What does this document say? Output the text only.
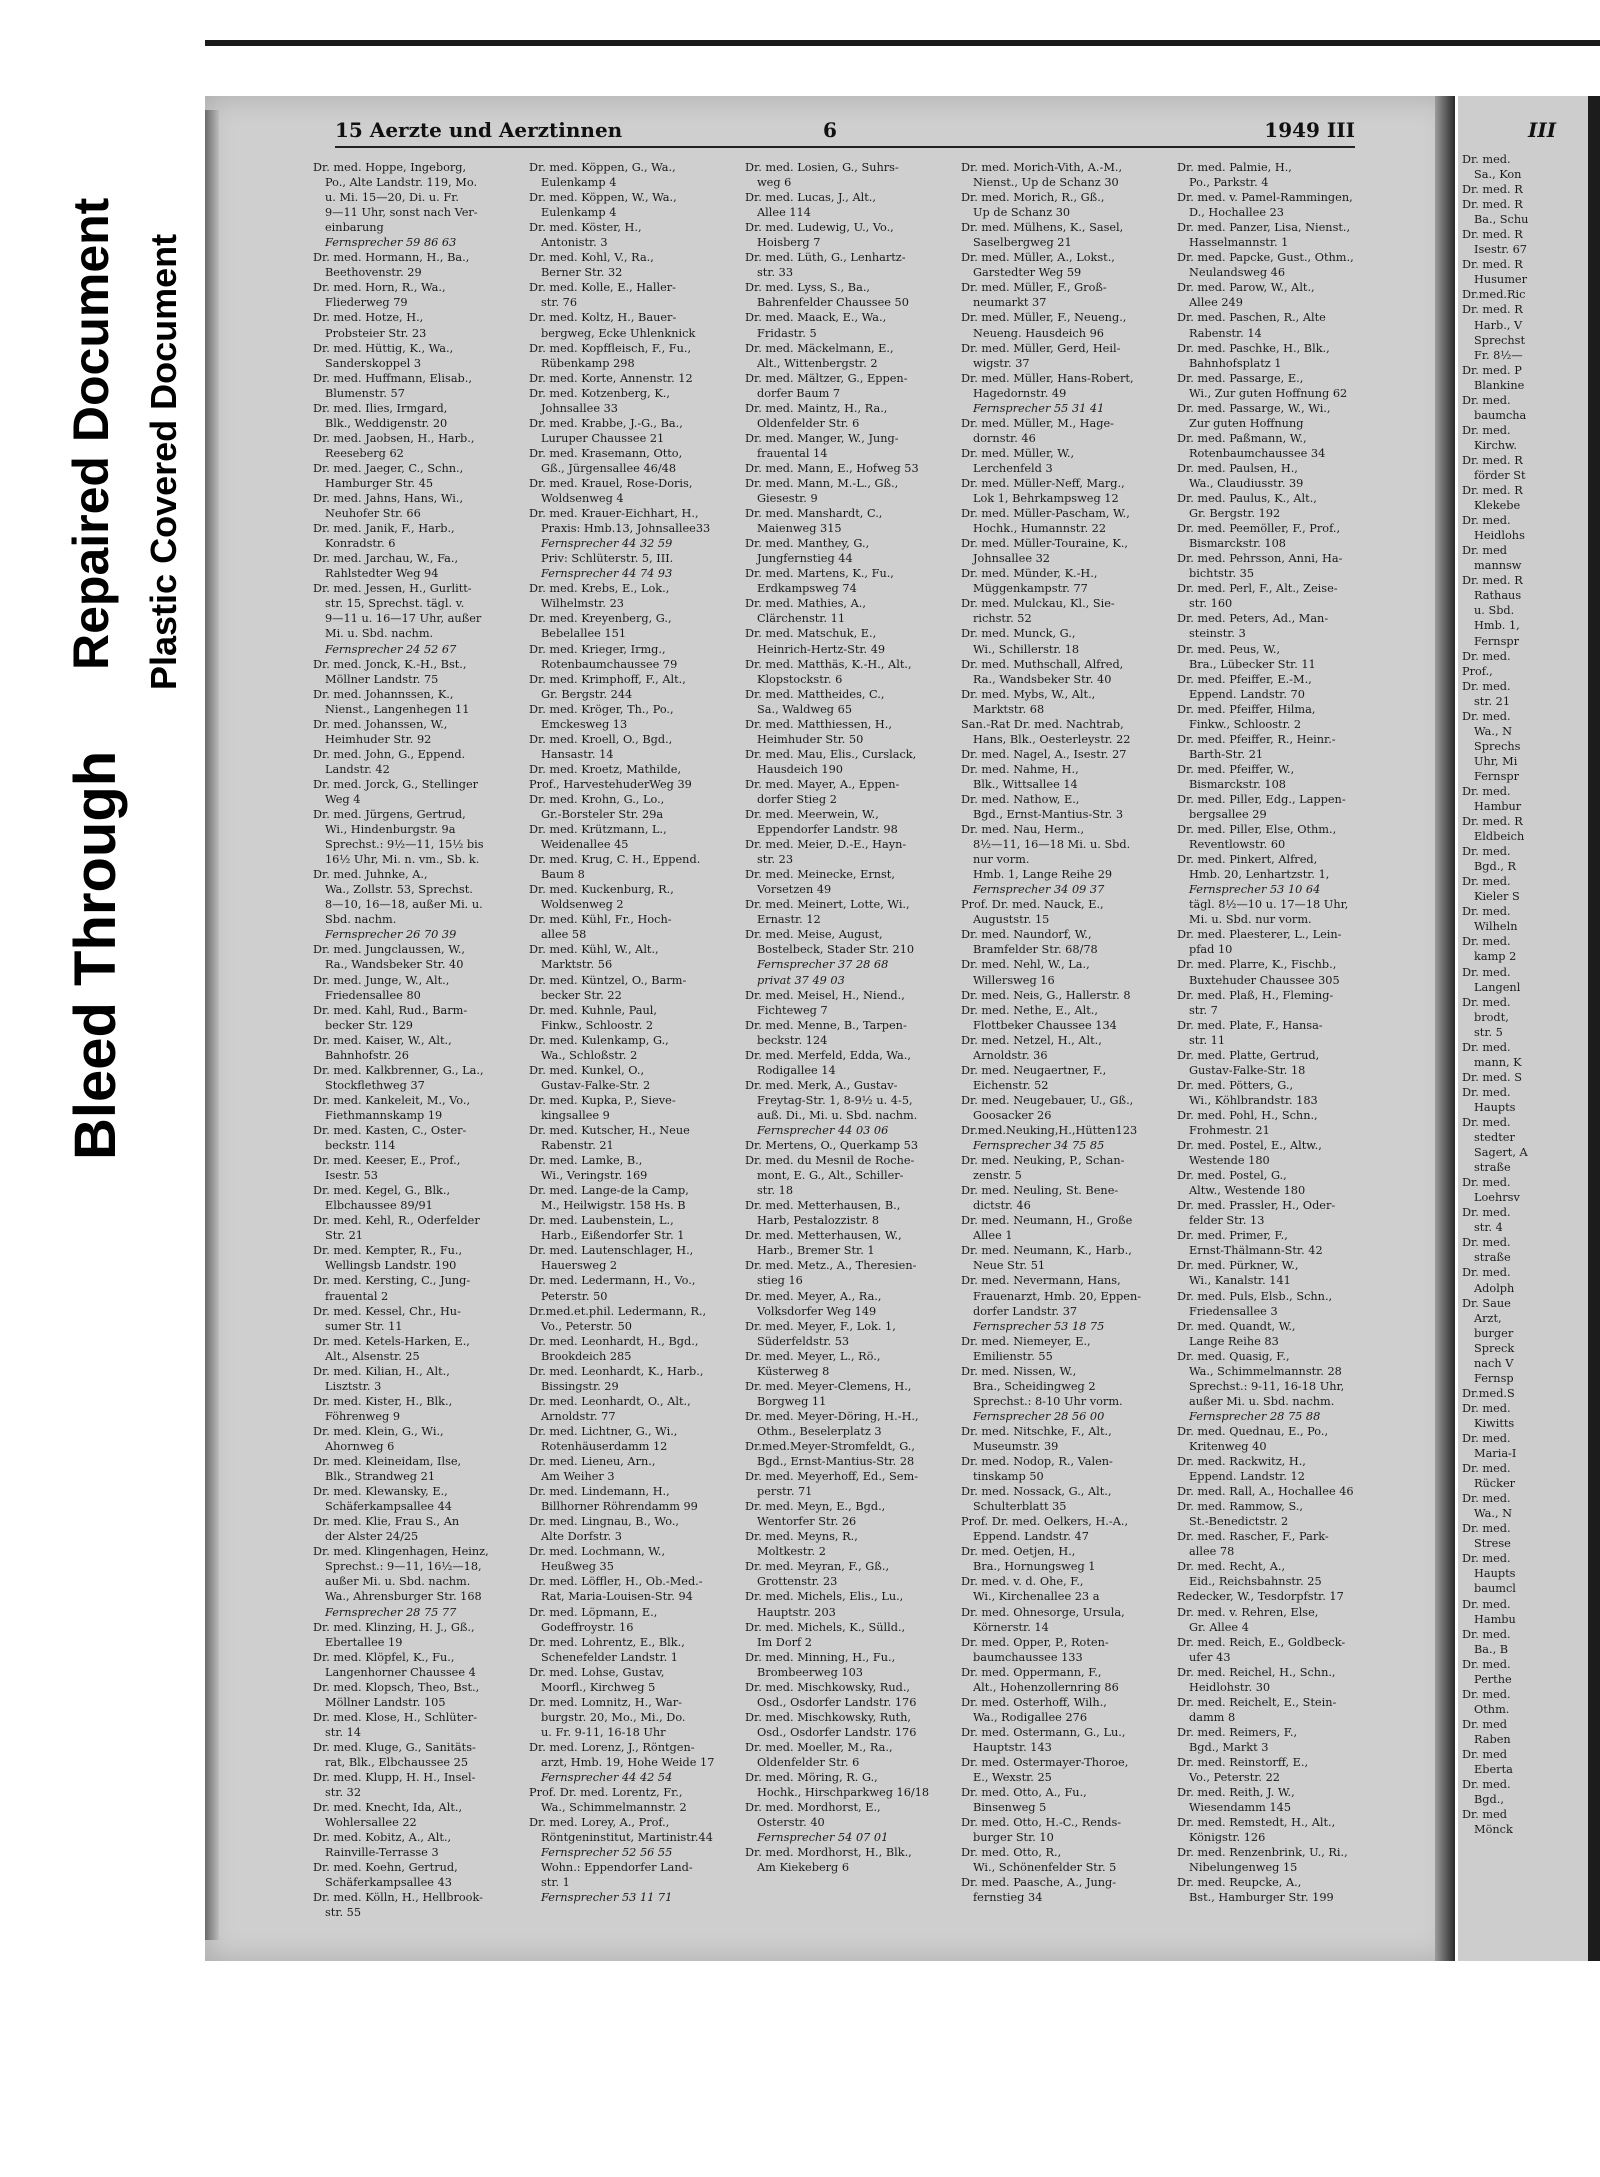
Bleed Through
Repaired Document Plastic Covered Document
III
Dr. med.
Sa., Kon
Dr. med. R
Dr. med. R
Ba., Schu
Dr. med. R
Isestr. 67
Dr. med. R
Husumer
Dr.med.Ric
Dr. med. R
Harb., V
Sprechst
Fr. 8½—
Dr. med. P
Blankine
Dr. med.
baumcha
Dr. med.
Kirchw.
Dr. med. R
förder St
Dr. med. R
Klekebe
Dr. med.
Heidlohs
Dr. med
mannsw
Dr. med. R
Rathaus
u. Sbd.
Hmb. 1,
Fernspr
Dr. med.
Prof.,
Dr. med.
str. 21
Dr. med.
Wa., N
Sprechs
Uhr, Mi
Fernspr
Dr. med.
Hambur
Dr. med. R
Eldbeich
Dr. med.
Bgd., R
Dr. med.
Kieler S
Dr. med.
Wilheln
Dr. med.
kamp 2
Dr. med.
Langenl
Dr. med.
brodt,
str. 5
Dr. med.
mann, K
Dr. med. S
Dr. med.
Haupts
Dr. med.
stedter
Sagert, A
straße
Dr. med.
Loehrsv
Dr. med.
str. 4
Dr. med.
straße
Dr. med.
Adolph
Dr. Saue
Arzt,
burger
Spreck
nach V
Fernsp
Dr.med.S
Dr. med.
Kiwitts
Dr. med.
Maria-I
Dr. med.
Rücker
Dr. med.
Wa., N
Dr. med.
Strese
Dr. med.
Haupts
baumcl
Dr. med.
Hambu
Dr. med.
Ba., B
Dr. med.
Perthe
Dr. med.
Othm.
Dr. med
Raben
Dr. med
Eberta
Dr. med.
Bgd.,
Dr. med
Mönck
15 Aerzte und Aerztinnen	6	1949 III
Dr. med. Hoppe, Ingeborg,
Po., Alte Landstr. 119, Mo.
u. Mi. 15—20, Di. u. Fr.
9—11 Uhr, sonst nach Ver-
einbarung
Fernsprecher 59 86 63
Dr. med. Hormann, H., Ba.,
Beethovenstr. 29
Dr. med. Horn, R., Wa.,
Fliederweg 79
Dr. med. Hotze, H.,
Probsteier Str. 23
Dr. med. Hüttig, K., Wa.,
Sanderskoppel 3
Dr. med. Huffmann, Elisab.,
Blumenstr. 57
Dr. med. Ilies, Irmgard,
Blk., Weddigenstr. 20
Dr. med. Jaobsen, H., Harb.,
Reeseberg 62
Dr. med. Jaeger, C., Schn.,
Hamburger Str. 45
Dr. med. Jahns, Hans, Wi.,
Neuhofer Str. 66
Dr. med. Janik, F., Harb.,
Konradstr. 6
Dr. med. Jarchau, W., Fa.,
Rahlstedter Weg 94
Dr. med. Jessen, H., Gurlitt-
str. 15, Sprechst. tägl. v.
9—11 u. 16—17 Uhr, außer
Mi. u. Sbd. nachm.
Fernsprecher 24 52 67
Dr. med. Jonck, K.-H., Bst.,
Möllner Landstr. 75
Dr. med. Johannssen, K.,
Nienst., Langenhegen 11
Dr. med. Johanssen, W.,
Heimhuder Str. 92
Dr. med. John, G., Eppend.
Landstr. 42
Dr. med. Jorck, G., Stellinger
Weg 4
Dr. med. Jürgens, Gertrud,
Wi., Hindenburgstr. 9a
Sprechst.: 9½—11, 15½ bis
16½ Uhr, Mi. n. vm., Sb. k.
Dr. med. Juhnke, A.,
Wa., Zollstr. 53, Sprechst.
8—10, 16—18, außer Mi. u.
Sbd. nachm.
Fernsprecher 26 70 39
Dr. med. Jungclaussen, W.,
Ra., Wandsbeker Str. 40
Dr. med. Junge, W., Alt.,
Friedensallee 80
Dr. med. Kahl, Rud., Barm-
becker Str. 129
Dr. med. Kaiser, W., Alt.,
Bahnhofstr. 26
Dr. med. Kalkbrenner, G., La.,
Stockflethweg 37
Dr. med. Kankeleit, M., Vo.,
Fiethmannskamp 19
Dr. med. Kasten, C., Oster-
beckstr. 114
Dr. med. Keeser, E., Prof.,
Isestr. 53
Dr. med. Kegel, G., Blk.,
Elbchaussee 89/91
Dr. med. Kehl, R., Oderfelder
Str. 21
Dr. med. Kempter, R., Fu.,
Wellingsb Landstr. 190
Dr. med. Kersting, C., Jung-
frauental 2
Dr. med. Kessel, Chr., Hu-
sumer Str. 11
Dr. med. Ketels-Harken, E.,
Alt., Alsenstr. 25
Dr. med. Kilian, H., Alt.,
Lisztstr. 3
Dr. med. Kister, H., Blk.,
Föhrenweg 9
Dr. med. Klein, G., Wi.,
Ahornweg 6
Dr. med. Kleineidam, Ilse,
Blk., Strandweg 21
Dr. med. Klewansky, E.,
Schäferkampsallee 44
Dr. med. Klie, Frau S., An
der Alster 24/25
Dr. med. Klingenhagen, Heinz,
Sprechst.: 9—11, 16½—18,
außer Mi. u. Sbd. nachm.
Wa., Ahrensburger Str. 168
Fernsprecher 28 75 77
Dr. med. Klinzing, H. J., Gß.,
Ebertallee 19
Dr. med. Klöpfel, K., Fu.,
Langenhorner Chaussee 4
Dr. med. Klopsch, Theo, Bst.,
Möllner Landstr. 105
Dr. med. Klose, H., Schlüter-
str. 14
Dr. med. Kluge, G., Sanitäts-
rat, Blk., Elbchaussee 25
Dr. med. Klupp, H. H., Insel-
str. 32
Dr. med. Knecht, Ida, Alt.,
Wohlersallee 22
Dr. med. Kobitz, A., Alt.,
Rainville-Terrasse 3
Dr. med. Koehn, Gertrud,
Schäferkampsallee 43
Dr. med. Kölln, H., Hellbrook-
str. 55
Dr. med. Köppen, G., Wa.,
Eulenkamp 4
Dr. med. Köppen, W., Wa.,
Eulenkamp 4
Dr. med. Köster, H.,
Antonistr. 3
Dr. med. Kohl, V., Ra.,
Berner Str. 32
Dr. med. Kolle, E., Haller-
str. 76
Dr. med. Koltz, H., Bauer-
bergweg, Ecke Uhlenknick
Dr. med. Kopffleisch, F., Fu.,
Rübenkamp 298
Dr. med. Korte, Annenstr. 12
Dr. med. Kotzenberg, K.,
Johnsallee 33
Dr. med. Krabbe, J.-G., Ba.,
Luruper Chaussee 21
Dr. med. Krasemann, Otto,
Gß., Jürgensallee 46/48
Dr. med. Krauel, Rose-Doris,
Woldsenweg 4
Dr. med. Krauer-Eichhart, H.,
Praxis: Hmb.13, Johnsallee33
Fernsprecher 44 32 59
Priv: Schlüterstr. 5, III.
Fernsprecher 44 74 93
Dr. med. Krebs, E., Lok.,
Wilhelmstr. 23
Dr. med. Kreyenberg, G.,
Bebelallee 151
Dr. med. Krieger, Irmg.,
Rotenbaumchaussee 79
Dr. med. Krimphoff, F., Alt.,
Gr. Bergstr. 244
Dr. med. Kröger, Th., Po.,
Emckesweg 13
Dr. med. Kroell, O., Bgd.,
Hansastr. 14
Dr. med. Kroetz, Mathilde,
Prof., HarvestehuderWeg 39
Dr. med. Krohn, G., Lo.,
Gr.-Borsteler Str. 29a
Dr. med. Krützmann, L.,
Weidenallee 45
Dr. med. Krug, C. H., Eppend.
Baum 8
Dr. med. Kuckenburg, R.,
Woldsenweg 2
Dr. med. Kühl, Fr., Hoch-
allee 58
Dr. med. Kühl, W., Alt.,
Marktstr. 56
Dr. med. Küntzel, O., Barm-
becker Str. 22
Dr. med. Kuhnle, Paul,
Finkw., Schloostr. 2
Dr. med. Kulenkamp, G.,
Wa., Schloßstr. 2
Dr. med. Kunkel, O.,
Gustav-Falke-Str. 2
Dr. med. Kupka, P., Sieve-
kingsallee 9
Dr. med. Kutscher, H., Neue
Rabenstr. 21
Dr. med. Lamke, B.,
Wi., Veringstr. 169
Dr. med. Lange-de la Camp,
M., Heilwigstr. 158 Hs. B
Dr. med. Laubenstein, L.,
Harb., Eißendorfer Str. 1
Dr. med. Lautenschlager, H.,
Hauersweg 2
Dr. med. Ledermann, H., Vo.,
Peterstr. 50
Dr.med.et.phil. Ledermann, R.,
Vo., Peterstr. 50
Dr. med. Leonhardt, H., Bgd.,
Brookdeich 285
Dr. med. Leonhardt, K., Harb.,
Bissingstr. 29
Dr. med. Leonhardt, O., Alt.,
Arnoldstr. 77
Dr. med. Lichtner, G., Wi.,
Rotenhäuserdamm 12
Dr. med. Lieneu, Arn.,
Am Weiher 3
Dr. med. Lindemann, H.,
Billhorner Röhrendamm 99
Dr. med. Lingnau, B., Wo.,
Alte Dorfstr. 3
Dr. med. Lochmann, W.,
Heußweg 35
Dr. med. Löffler, H., Ob.-Med.-
Rat, Maria-Louisen-Str. 94
Dr. med. Löpmann, E.,
Godeffroystr. 16
Dr. med. Lohrentz, E., Blk.,
Schenefelder Landstr. 1
Dr. med. Lohse, Gustav,
Moorfl., Kirchweg 5
Dr. med. Lomnitz, H., War-
burgstr. 20, Mo., Mi., Do.
u. Fr. 9-11, 16-18 Uhr
Dr. med. Lorenz, J., Röntgen-
arzt, Hmb. 19, Hohe Weide 17
Fernsprecher 44 42 54
Prof. Dr. med. Lorentz, Fr.,
Wa., Schimmelmannstr. 2
Dr. med. Lorey, A., Prof.,
Röntgeninstitut, Martinistr.44
Fernsprecher 52 56 55
Wohn.: Eppendorfer Land-
str. 1
Fernsprecher 53 11 71
Dr. med. Losien, G., Suhrs-
weg 6
Dr. med. Lucas, J., Alt.,
Allee 114
Dr. med. Ludewig, U., Vo.,
Hoisberg 7
Dr. med. Lüth, G., Lenhartz-
str. 33
Dr. med. Lyss, S., Ba.,
Bahrenfelder Chaussee 50
Dr. med. Maack, E., Wa.,
Fridastr. 5
Dr. med. Mäckelmann, E.,
Alt., Wittenbergstr. 2
Dr. med. Mältzer, G., Eppen-
dorfer Baum 7
Dr. med. Maintz, H., Ra.,
Oldenfelder Str. 6
Dr. med. Manger, W., Jung-
frauental 14
Dr. med. Mann, E., Hofweg 53
Dr. med. Mann, M.-L., Gß.,
Giesestr. 9
Dr. med. Manshardt, C.,
Maienweg 315
Dr. med. Manthey, G.,
Jungfernstieg 44
Dr. med. Martens, K., Fu.,
Erdkampsweg 74
Dr. med. Mathies, A.,
Clärchenstr. 11
Dr. med. Matschuk, E.,
Heinrich-Hertz-Str. 49
Dr. med. Matthäs, K.-H., Alt.,
Klopstockstr. 6
Dr. med. Mattheides, C.,
Sa., Waldweg 65
Dr. med. Matthiessen, H.,
Heimhuder Str. 50
Dr. med. Mau, Elis., Curslack,
Hausdeich 190
Dr. med. Mayer, A., Eppen-
dorfer Stieg 2
Dr. med. Meerwein, W.,
Eppendorfer Landstr. 98
Dr. med. Meier, D.-E., Hayn-
str. 23
Dr. med. Meinecke, Ernst,
Vorsetzen 49
Dr. med. Meinert, Lotte, Wi.,
Ernastr. 12
Dr. med. Meise, August,
Bostelbeck, Stader Str. 210
Fernsprecher 37 28 68
privat 37 49 03
Dr. med. Meisel, H., Niend.,
Fichteweg 7
Dr. med. Menne, B., Tarpen-
beckstr. 124
Dr. med. Merfeld, Edda, Wa.,
Rodigallee 14
Dr. med. Merk, A., Gustav-
Freytag-Str. 1, 8-9½ u. 4-5,
auß. Di., Mi. u. Sbd. nachm.
Fernsprecher 44 03 06
Dr. Mertens, O., Querkamp 53
Dr. med. du Mesnil de Roche-
mont, E. G., Alt., Schiller-
str. 18
Dr. med. Metterhausen, B.,
Harb, Pestalozzistr. 8
Dr. med. Metterhausen, W.,
Harb., Bremer Str. 1
Dr. med. Metz., A., Theresien-
stieg 16
Dr. med. Meyer, A., Ra.,
Volksdorfer Weg 149
Dr. med. Meyer, F., Lok. 1,
Süderfeldstr. 53
Dr. med. Meyer, L., Rö.,
Küsterweg 8
Dr. med. Meyer-Clemens, H.,
Borgweg 11
Dr. med. Meyer-Döring, H.-H.,
Othm., Beselerplatz 3
Dr.med.Meyer-Stromfeldt, G.,
Bgd., Ernst-Mantius-Str. 28
Dr. med. Meyerhoff, Ed., Sem-
perstr. 71
Dr. med. Meyn, E., Bgd.,
Wentorfer Str. 26
Dr. med. Meyns, R.,
Moltkestr. 2
Dr. med. Meyran, F., Gß.,
Grottenstr. 23
Dr. med. Michels, Elis., Lu.,
Hauptstr. 203
Dr. med. Michels, K., Sülld.,
Im Dorf 2
Dr. med. Minning, H., Fu.,
Brombeerweg 103
Dr. med. Mischkowsky, Rud.,
Osd., Osdorfer Landstr. 176
Dr. med. Mischkowsky, Ruth,
Osd., Osdorfer Landstr. 176
Dr. med. Moeller, M., Ra.,
Oldenfelder Str. 6
Dr. med. Möring, R. G.,
Hochk., Hirschparkweg 16/18
Dr. med. Mordhorst, E.,
Osterstr. 40
Fernsprecher 54 07 01
Dr. med. Mordhorst, H., Blk.,
Am Kiekeberg 6
Dr. med. Morich-Vith, A.-M.,
Nienst., Up de Schanz 30
Dr. med. Morich, R., Gß.,
Up de Schanz 30
Dr. med. Mülhens, K., Sasel,
Saselbergweg 21
Dr. med. Müller, A., Lokst.,
Garstedter Weg 59
Dr. med. Müller, F., Groß-
neumarkt 37
Dr. med. Müller, F., Neueng.,
Neueng. Hausdeich 96
Dr. med. Müller, Gerd, Heil-
wigstr. 37
Dr. med. Müller, Hans-Robert,
Hagedornstr. 49
Fernsprecher 55 31 41
Dr. med. Müller, M., Hage-
dornstr. 46
Dr. med. Müller, W.,
Lerchenfeld 3
Dr. med. Müller-Neff, Marg.,
Lok 1, Behrkampsweg 12
Dr. med. Müller-Pascham, W.,
Hochk., Humannstr. 22
Dr. med. Müller-Touraine, K.,
Johnsallee 32
Dr. med. Münder, K.-H.,
Müggenkampstr. 77
Dr. med. Mulckau, Kl., Sie-
richstr. 52
Dr. med. Munck, G.,
Wi., Schillerstr. 18
Dr. med. Muthschall, Alfred,
Ra., Wandsbeker Str. 40
Dr. med. Mybs, W., Alt.,
Marktstr. 68
San.-Rat Dr. med. Nachtrab,
Hans, Blk., Oesterleystr. 22
Dr. med. Nagel, A., Isestr. 27
Dr. med. Nahme, H.,
Blk., Wittsallee 14
Dr. med. Nathow, E.,
Bgd., Ernst-Mantius-Str. 3
Dr. med. Nau, Herm.,
8½—11, 16—18 Mi. u. Sbd.
nur vorm.
Hmb. 1, Lange Reihe 29
Fernsprecher 34 09 37
Prof. Dr. med. Nauck, E.,
Auguststr. 15
Dr. med. Naundorf, W.,
Bramfelder Str. 68/78
Dr. med. Nehl, W., La.,
Willersweg 16
Dr. med. Neis, G., Hallerstr. 8
Dr. med. Nethe, E., Alt.,
Flottbeker Chaussee 134
Dr. med. Netzel, H., Alt.,
Arnoldstr. 36
Dr. med. Neugaertner, F.,
Eichenstr. 52
Dr. med. Neugebauer, U., Gß.,
Goosacker 26
Dr.med.Neuking,H.,Hütten123
Fernsprecher 34 75 85
Dr. med. Neuking, P., Schan-
zenstr. 5
Dr. med. Neuling, St. Bene-
dictstr. 46
Dr. med. Neumann, H., Große
Allee 1
Dr. med. Neumann, K., Harb.,
Neue Str. 51
Dr. med. Nevermann, Hans,
Frauenarzt, Hmb. 20, Eppen-
dorfer Landstr. 37
Fernsprecher 53 18 75
Dr. med. Niemeyer, E.,
Emilienstr. 55
Dr. med. Nissen, W.,
Bra., Scheidingweg 2
Sprechst.: 8-10 Uhr vorm.
Fernsprecher 28 56 00
Dr. med. Nitschke, F., Alt.,
Museumstr. 39
Dr. med. Nodop, R., Valen-
tinskamp 50
Dr. med. Nossack, G., Alt.,
Schulterblatt 35
Prof. Dr. med. Oelkers, H.-A.,
Eppend. Landstr. 47
Dr. med. Oetjen, H.,
Bra., Hornungsweg 1
Dr. med. v. d. Ohe, F.,
Wi., Kirchenallee 23 a
Dr. med. Ohnesorge, Ursula,
Körnerstr. 14
Dr. med. Opper, P., Roten-
baumchaussee 133
Dr. med. Oppermann, F.,
Alt., Hohenzollernring 86
Dr. med. Osterhoff, Wilh.,
Wa., Rodigallee 276
Dr. med. Ostermann, G., Lu.,
Hauptstr. 143
Dr. med. Ostermayer-Thoroe,
E., Wexstr. 25
Dr. med. Otto, A., Fu.,
Binsenweg 5
Dr. med. Otto, H.-C., Rends-
burger Str. 10
Dr. med. Otto, R.,
Wi., Schönenfelder Str. 5
Dr. med. Paasche, A., Jung-
fernstieg 34
Dr. med. Palmie, H.,
Po., Parkstr. 4
Dr. med. v. Pamel-Rammingen,
D., Hochallee 23
Dr. med. Panzer, Lisa, Nienst.,
Hasselmannstr. 1
Dr. med. Papcke, Gust., Othm.,
Neulandsweg 46
Dr. med. Parow, W., Alt.,
Allee 249
Dr. med. Paschen, R., Alte
Rabenstr. 14
Dr. med. Paschke, H., Blk.,
Bahnhofsplatz 1
Dr. med. Passarge, E.,
Wi., Zur guten Hoffnung 62
Dr. med. Passarge, W., Wi.,
Zur guten Hoffnung
Dr. med. Paßmann, W.,
Rotenbaumchaussee 34
Dr. med. Paulsen, H.,
Wa., Claudiusstr. 39
Dr. med. Paulus, K., Alt.,
Gr. Bergstr. 192
Dr. med. Peemöller, F., Prof.,
Bismarckstr. 108
Dr. med. Pehrsson, Anni, Ha-
bichtstr. 35
Dr. med. Perl, F., Alt., Zeise-
str. 160
Dr. med. Peters, Ad., Man-
steinstr. 3
Dr. med. Peus, W.,
Bra., Lübecker Str. 11
Dr. med. Pfeiffer, E.-M.,
Eppend. Landstr. 70
Dr. med. Pfeiffer, Hilma,
Finkw., Schloostr. 2
Dr. med. Pfeiffer, R., Heinr.-
Barth-Str. 21
Dr. med. Pfeiffer, W.,
Bismarckstr. 108
Dr. med. Piller, Edg., Lappen-
bergsallee 29
Dr. med. Piller, Else, Othm.,
Reventlowstr. 60
Dr. med. Pinkert, Alfred,
Hmb. 20, Lenhartzstr. 1,
Fernsprecher 53 10 64
tägl. 8½—10 u. 17—18 Uhr,
Mi. u. Sbd. nur vorm.
Dr. med. Plaesterer, L., Lein-
pfad 10
Dr. med. Plarre, K., Fischb.,
Buxtehuder Chaussee 305
Dr. med. Plaß, H., Fleming-
str. 7
Dr. med. Plate, F., Hansa-
str. 11
Dr. med. Platte, Gertrud,
Gustav-Falke-Str. 18
Dr. med. Pötters, G.,
Wi., Köhlbrandstr. 183
Dr. med. Pohl, H., Schn.,
Frohmestr. 21
Dr. med. Postel, E., Altw.,
Westende 180
Dr. med. Postel, G.,
Altw., Westende 180
Dr. med. Prassler, H., Oder-
felder Str. 13
Dr. med. Primer, F.,
Ernst-Thälmann-Str. 42
Dr. med. Pürkner, W.,
Wi., Kanalstr. 141
Dr. med. Puls, Elsb., Schn.,
Friedensallee 3
Dr. med. Quandt, W.,
Lange Reihe 83
Dr. med. Quasig, F.,
Wa., Schimmelmannstr. 28
Sprechst.: 9-11, 16-18 Uhr,
außer Mi. u. Sbd. nachm.
Fernsprecher 28 75 88
Dr. med. Quednau, E., Po.,
Kritenweg 40
Dr. med. Rackwitz, H.,
Eppend. Landstr. 12
Dr. med. Rall, A., Hochallee 46
Dr. med. Rammow, S.,
St.-Benedictstr. 2
Dr. med. Rascher, F., Park-
allee 78
Dr. med. Recht, A.,
Eid., Reichsbahnstr. 25
Redecker, W., Tesdorpfstr. 17
Dr. med. v. Rehren, Else,
Gr. Allee 4
Dr. med. Reich, E., Goldbeck-
ufer 43
Dr. med. Reichel, H., Schn.,
Heidlohstr. 30
Dr. med. Reichelt, E., Stein-
damm 8
Dr. med. Reimers, F.,
Bgd., Markt 3
Dr. med. Reinstorff, E.,
Vo., Peterstr. 22
Dr. med. Reith, J. W.,
Wiesendamm 145
Dr. med. Remstedt, H., Alt.,
Königstr. 126
Dr. med. Renzenbrink, U., Ri.,
Nibelungenweg 15
Dr. med. Reupcke, A.,
Bst., Hamburger Str. 199
